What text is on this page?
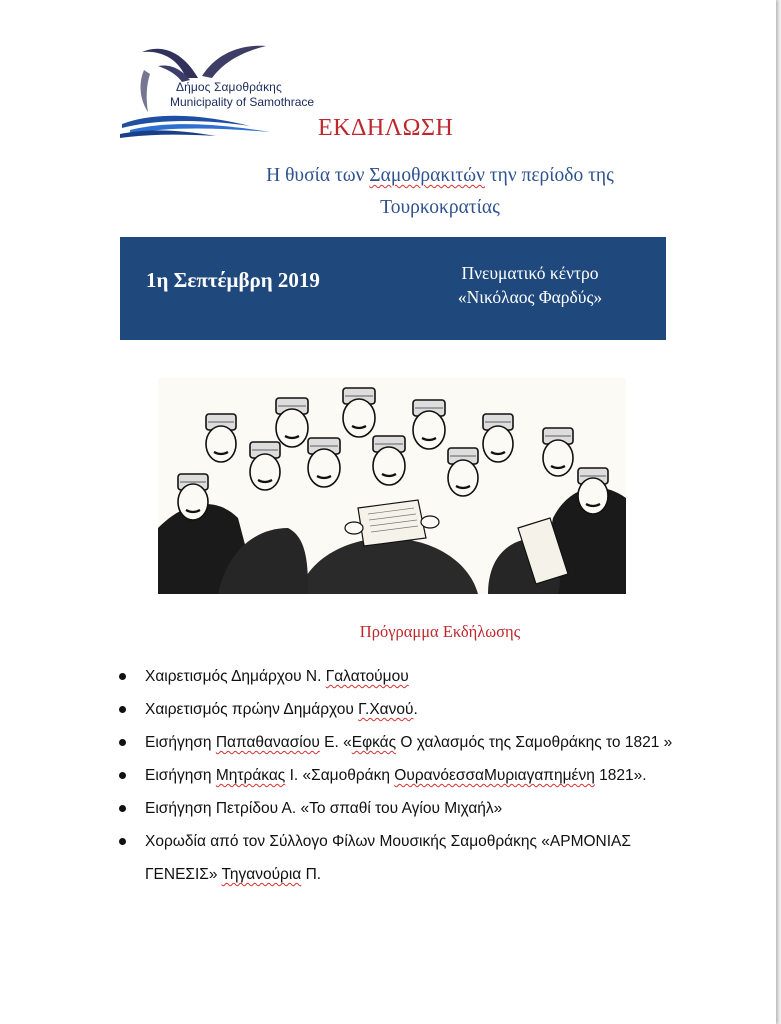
Δήμος Σαμοθράκης
Municipality of Samothrace
ΕΚΔΗΛΩΣΗ
Η θυσία των Σαμοθρακιτών την περίοδο της
Τουρκοκρατίας
1η Σεπτέμβρη 2019	Πνευματικό κέντρο
«Νικόλαος Φαρδύς»
Πρόγραμμα Εκδήλωσης
Χαιρετισμός Δημάρχου Ν. Γαλατούμου
Χαιρετισμός πρώην Δημάρχου Γ.Χανού.
Εισήγηση Παπαθανασίου Ε. «Εφκάς Ο χαλασμός της Σαμοθράκης το 1821 »
Εισήγηση Μητράκας Ι. «Σαμοθράκη ΟυρανόεσσαΜυριαγαπημένη 1821».
Εισήγηση Πετρίδου Α. «Το σπαθί του Αγίου Μιχαήλ»
Χορωδία από τον Σύλλογο Φίλων Μουσικής Σαμοθράκης «ΑΡΜΟΝΙΑΣ ΓΕΝΕΣΙΣ» Τηγανούρια Π.
